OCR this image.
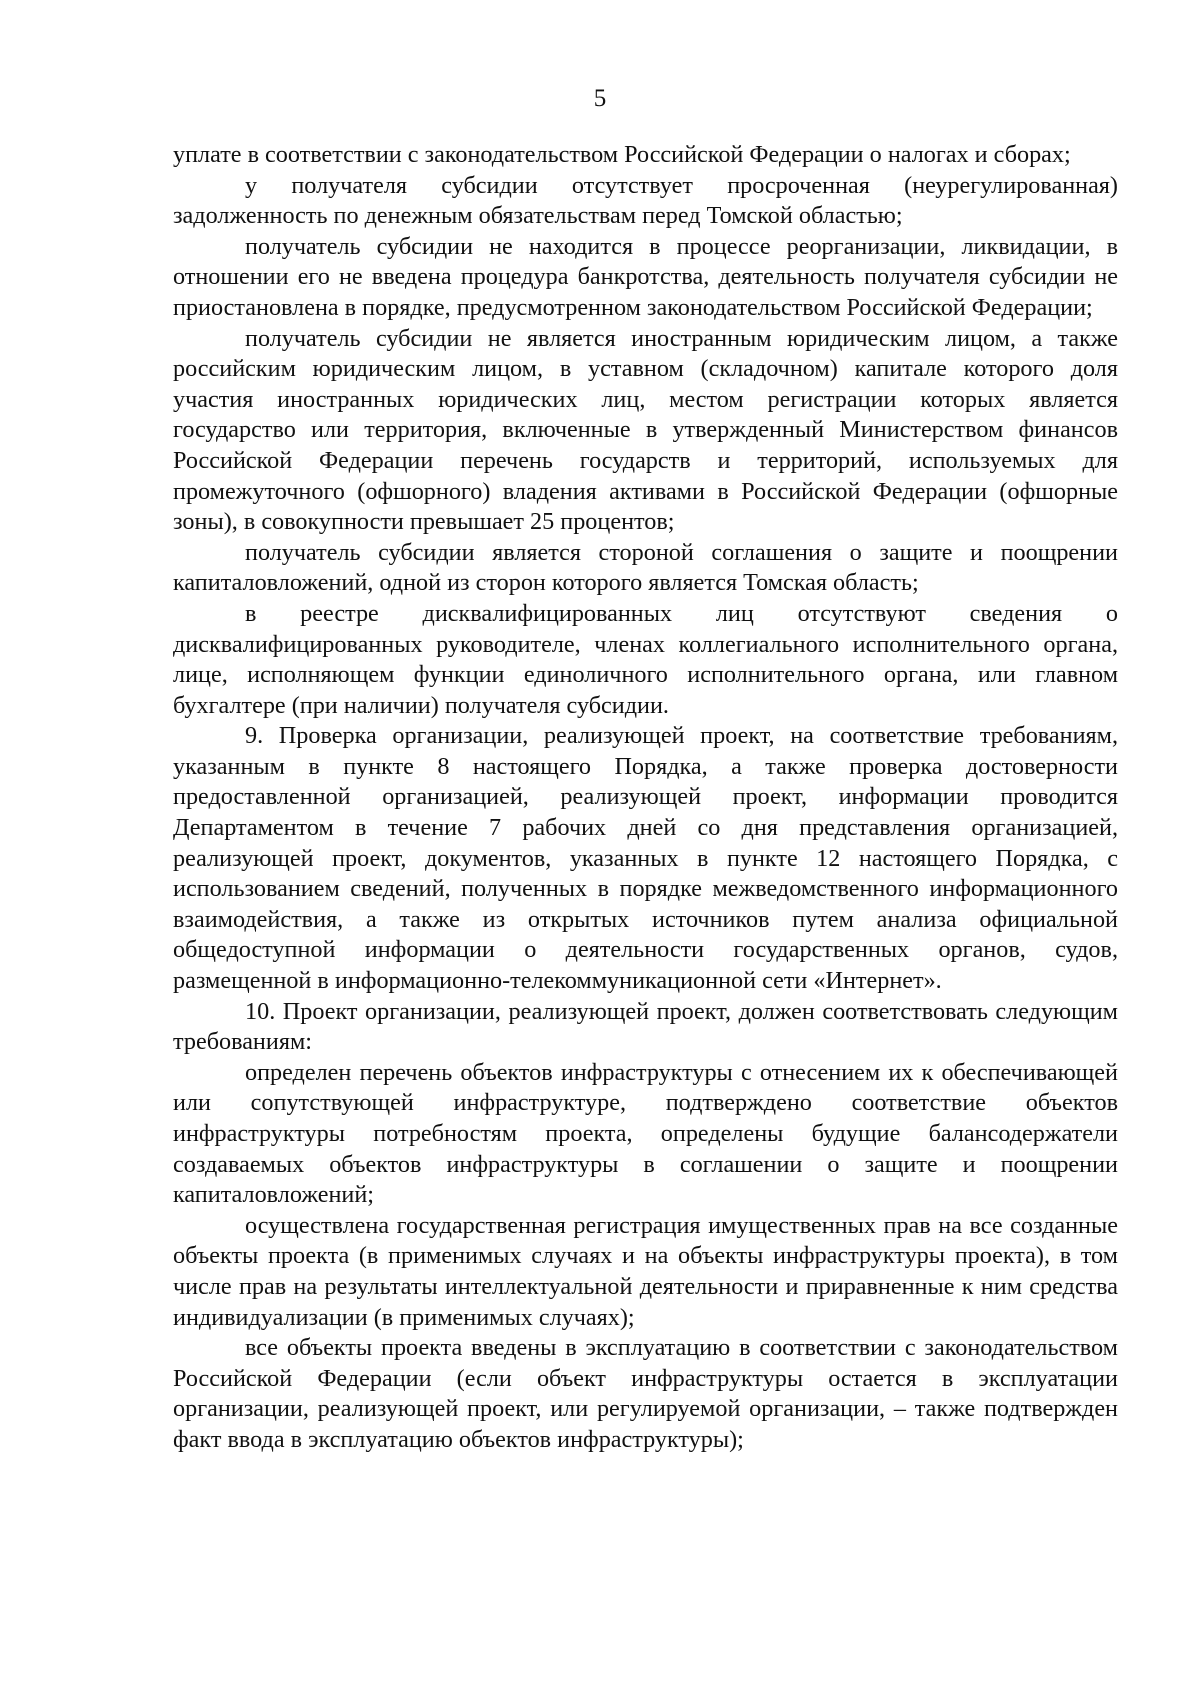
5

уплате в соответствии с законодательством Российской Федерации о налогах и сборах;

у получателя субсидии отсутствует просроченная (неурегулированная) задолженность по денежным обязательствам перед Томской областью;

получатель субсидии не находится в процессе реорганизации, ликвидации, в отношении его не введена процедура банкротства, деятельность получателя субсидии не приостановлена в порядке, предусмотренном законодательством Российской Федерации;

получатель субсидии не является иностранным юридическим лицом, а также российским юридическим лицом, в уставном (складочном) капитале которого доля участия иностранных юридических лиц, местом регистрации которых является государство или территория, включенные в утвержденный Министерством финансов Российской Федерации перечень государств и территорий, используемых для промежуточного (офшорного) владения активами в Российской Федерации (офшорные зоны), в совокупности превышает 25 процентов;

получатель субсидии является стороной соглашения о защите и поощрении капиталовложений, одной из сторон которого является Томская область;

в реестре дисквалифицированных лиц отсутствуют сведения о дисквалифицированных руководителе, членах коллегиального исполнительного органа, лице, исполняющем функции единоличного исполнительного органа, или главном бухгалтере (при наличии) получателя субсидии.

9. Проверка организации, реализующей проект, на соответствие требованиям, указанным в пункте 8 настоящего Порядка, а также проверка достоверности предоставленной организацией, реализующей проект, информации проводится Департаментом в течение 7 рабочих дней со дня представления организацией, реализующей проект, документов, указанных в пункте 12 настоящего Порядка, с использованием сведений, полученных в порядке межведомственного информационного взаимодействия, а также из открытых источников путем анализа официальной общедоступной информации о деятельности государственных органов, судов, размещенной в информационно-телекоммуникационной сети «Интернет».

10. Проект организации, реализующей проект, должен соответствовать следующим требованиям:

определен перечень объектов инфраструктуры с отнесением их к обеспечивающей или сопутствующей инфраструктуре, подтверждено соответствие объектов инфраструктуры потребностям проекта, определены будущие балансодержатели создаваемых объектов инфраструктуры в соглашении о защите и поощрении капиталовложений;

осуществлена государственная регистрация имущественных прав на все созданные объекты проекта (в применимых случаях и на объекты инфраструктуры проекта), в том числе прав на результаты интеллектуальной деятельности и приравненные к ним средства индивидуализации (в применимых случаях);

все объекты проекта введены в эксплуатацию в соответствии с законодательством Российской Федерации (если объект инфраструктуры остается в эксплуатации организации, реализующей проект, или регулируемой организации, – также подтвержден факт ввода в эксплуатацию объектов инфраструктуры);
